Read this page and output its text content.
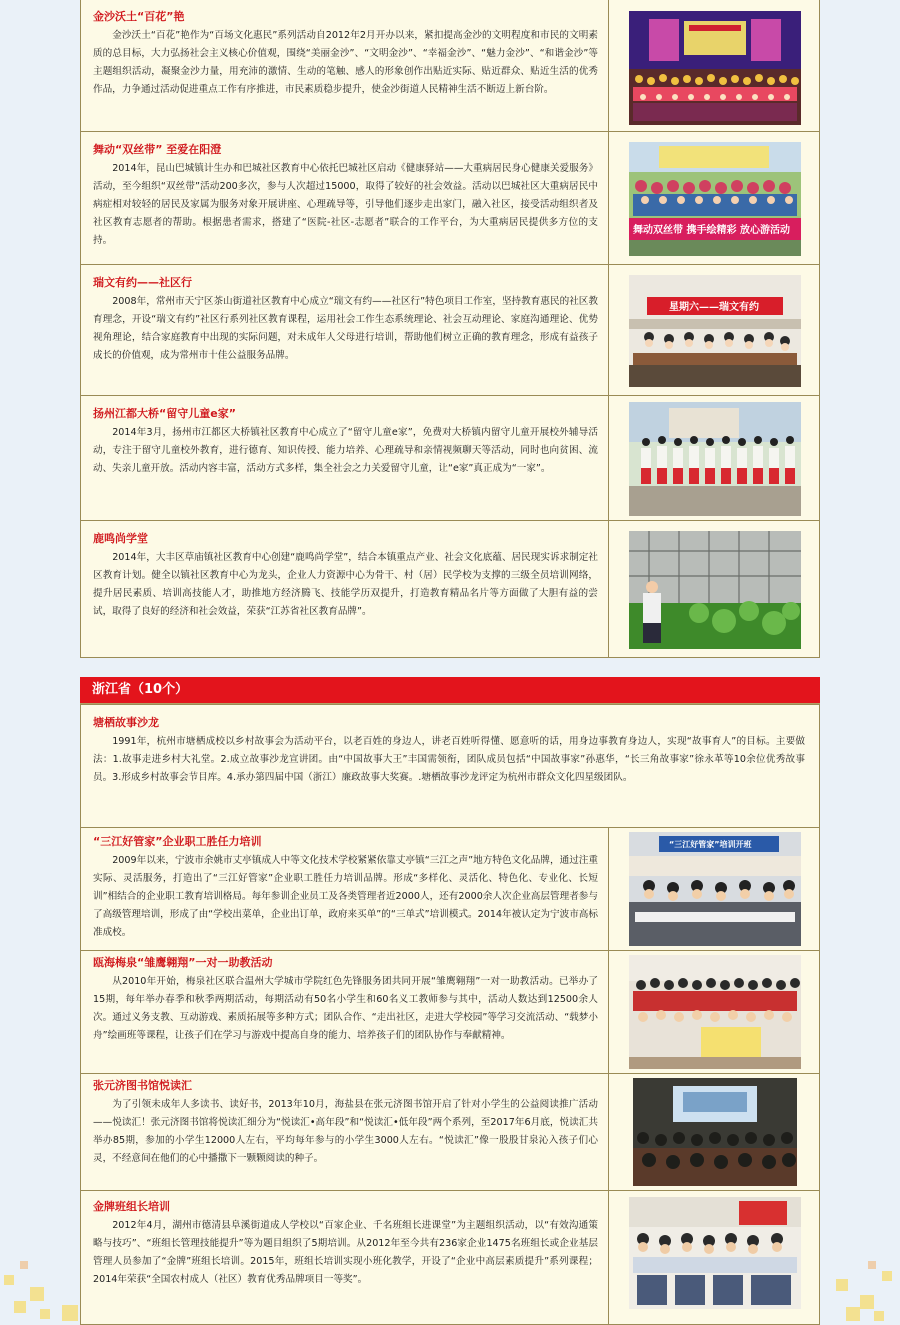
金沙沃土“百花”艳

金沙沃土“百花”艳作为“百场文化惠民”系列活动自2012年2月开办以来，紧扣提高金沙的文明程度和市民的文明素质的总目标，大力弘扬社会主义核心价值观，围绕“美丽金沙”、“文明金沙”、“幸福金沙”、“魅力金沙”、“和谐金沙”等主题组织活动，凝聚金沙力量，用充沛的激情、生动的笔触、感人的形象创作出贴近实际、贴近群众、贴近生活的优秀作品，力争通过活动促进重点工作有序推进，市民素质稳步提升，使金沙街道人民精神生活不断迈上新台阶。

舞动“双丝带” 至爱在阳澄

2014年，昆山巴城镇计生办和巴城社区教育中心依托巴城社区启动《健康驿站——大重病居民身心健康关爱服务》活动，至今组织“双丝带”活动200多次，参与人次超过15000，取得了较好的社会效益。活动以巴城社区大重病居民中病症相对较轻的居民及家属为服务对象开展讲座、心理疏导等，引导他们逐步走出家门，融入社区，接受活动组织者及社区教育志愿者的帮助。根据患者需求，搭建了“医院-社区-志愿者”联合的工作平台，为大重病居民提供多方位的支持。

舞动双丝带 携手绘精彩 放心游活动
瑞文有约——社区行

2008年，常州市天宁区茶山街道社区教育中心成立“瑞文有约——社区行”特色项目工作室，坚持教育惠民的社区教育理念，开设“瑞文有约”社区行系列社区教育课程，运用社会工作生态系统理论、社会互动理论、家庭沟通理论、优势视角理论，结合家庭教育中出现的实际问题，对未成年人父母进行培训，帮助他们树立正确的教育理念，形成有益孩子成长的价值观，成为常州市十佳公益服务品牌。

星期六——瑞文有约
扬州江都大桥“留守儿童e家”

2014年3月，扬州市江都区大桥镇社区教育中心成立了“留守儿童e家”，免费对大桥镇内留守儿童开展校外辅导活动，专注于留守儿童校外教育，进行德育、知识传授、能力培养、心理疏导和亲情视频聊天等活动，同时也向贫困、流动、失亲儿童开放。活动内容丰富，活动方式多样，集全社会之力关爱留守儿童，让“e家”真正成为“一家”。

鹿鸣尚学堂

2014年，大丰区草庙镇社区教育中心创建“鹿鸣尚学堂”，结合本镇重点产业、社会文化底蕴、居民现实诉求制定社区教育计划。健全以镇社区教育中心为龙头，企业人力资源中心为骨干、村（居）民学校为支撑的三级全员培训网络，提升居民素质、培训高技能人才，助推地方经济腾飞、技能学历双提升，打造教育精品名片等方面做了大胆有益的尝试，取得了良好的经济和社会效益，荣获“江苏省社区教育品牌”。

浙江省（10个）
塘栖故事沙龙

1991年，杭州市塘栖成校以乡村故事会为活动平台，以老百姓的身边人，讲老百姓听得懂、愿意听的话，用身边事教育身边人，实现“故事育人”的目标。主要做法：1.故事走进乡村大礼堂。2.成立故事沙龙宣讲团。由“中国故事大王”丰国需领衔，团队成员包括“中国故事家”孙惠华，“长三角故事家”徐永革等10余位优秀故事员。3.形成乡村故事会节目库。4.承办第四届中国（浙江）廉政故事大奖赛。.塘栖故事沙龙评定为杭州市群众文化四星级团队。

“三江好管家”企业职工胜任力培训

2009年以来，宁波市余姚市丈亭镇成人中等文化技术学校紧紧依靠丈亭镇“三江之声”地方特色文化品牌，通过注重实际、灵活服务，打造出了“三江好管家”企业职工胜任力培训品牌。形成“多样化、灵活化、特色化、专业化、长短训”相结合的企业职工教育培训格局。每年参训企业员工及各类管理者近2000人，还有2000余人次企业高层管理者参与了高级管理培训，形成了由“学校出菜单，企业出订单，政府来买单”的“三单式”培训模式。2014年被认定为宁波市高标准成校。

“三江好管家”培训开班
瓯海梅泉“雏鹰翱翔”一对一助教活动

从2010年开始，梅泉社区联合温州大学城市学院红色先锋服务团共同开展“雏鹰翱翔”一对一助教活动。已举办了15期，每年举办春季和秋季两期活动，每期活动有50名小学生和60名义工教师参与其中，活动人数达到12500余人次。通过义务支教、互动游戏、素质拓展等多种方式；团队合作、“走出社区，走进大学校园”等学习交流活动、“载梦小舟”绘画班等课程，让孩子们在学习与游戏中提高自身的能力、培养孩子们的团队协作与奉献精神。

张元济图书馆悦读汇

为了引领未成年人多读书、读好书，2013年10月，海盐县在张元济图书馆开启了针对小学生的公益阅读推广活动——悦读汇！张元济图书馆将悦读汇细分为“悦读汇•高年段”和“悦读汇•低年段”两个系列，至2017年6月底，悦读汇共举办85期，参加的小学生12000人左右，平均每年参与的小学生3000人左右。“悦读汇”像一股股甘泉沁入孩子们心灵，不经意间在他们的心中播撒下一颗颗阅读的种子。

金牌班组长培训

2012年4月，湖州市德清县阜溪街道成人学校以“百家企业、千名班组长进课堂”为主题组织活动，以“有效沟通策略与技巧”、“班组长管理技能提升”等为题目组织了5期培训。从2012年至今共有236家企业1475名班组长或企业基层管理人员参加了“金牌”班组长培训。2015年，班组长培训实现小班化教学，开设了“企业中高层素质提升”系列课程；2014年荣获“全国农村成人（社区）教育优秀品牌项目一等奖”。
